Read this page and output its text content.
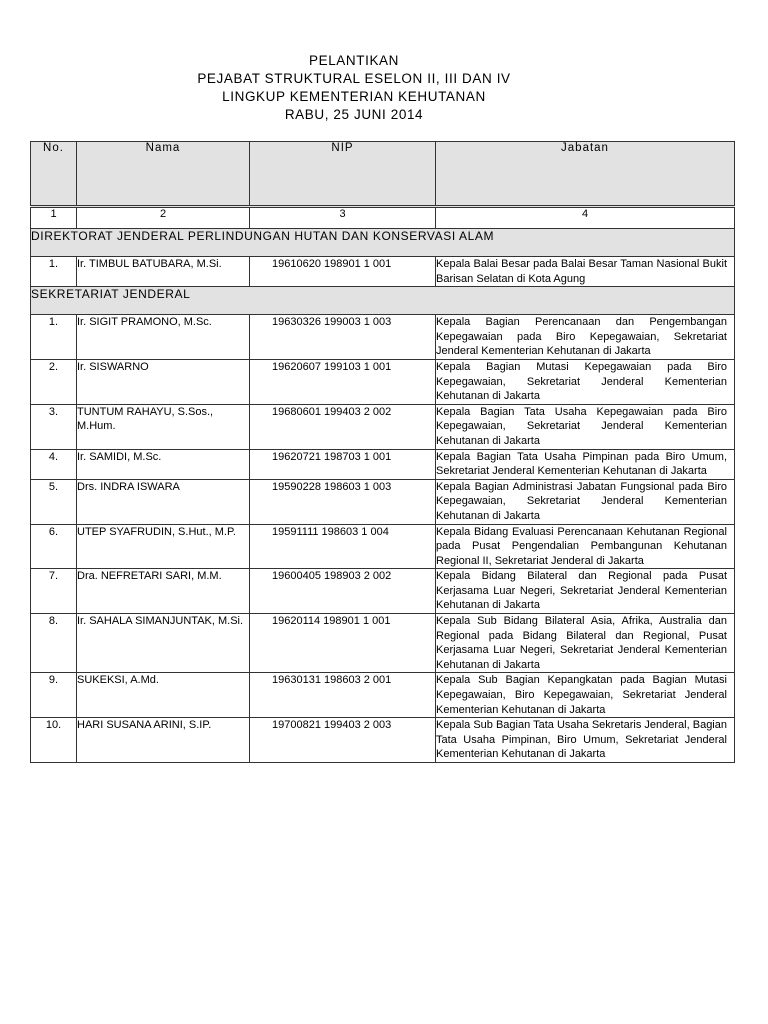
PELANTIKAN
PEJABAT STRUKTURAL ESELON II, III DAN IV
LINGKUP KEMENTERIAN KEHUTANAN
RABU, 25 JUNI 2014
No.	Nama	NIP	Jabatan
1	2	3	4
DIREKTORAT JENDERAL PERLINDUNGAN HUTAN DAN KONSERVASI ALAM			
1.	Ir. TIMBUL BATUBARA, M.Si.	19610620 198901 1 001	Kepala Balai Besar pada Balai Besar Taman Nasional Bukit Barisan Selatan di Kota Agung
SEKRETARIAT JENDERAL			
1.	Ir. SIGIT PRAMONO, M.Sc.	19630326 199003 1 003	Kepala Bagian Perencanaan dan Pengembangan Kepegawaian pada Biro Kepegawaian, Sekretariat Jenderal Kementerian Kehutanan di Jakarta
2.	Ir. SISWARNO	19620607 199103 1 001	Kepala Bagian Mutasi Kepegawaian pada Biro Kepegawaian, Sekretariat Jenderal Kementerian Kehutanan di Jakarta
3.	TUNTUM RAHAYU, S.Sos., M.Hum.	19680601 199403 2 002	Kepala Bagian Tata Usaha Kepegawaian pada Biro Kepegawaian, Sekretariat Jenderal Kementerian Kehutanan di Jakarta
4.	Ir. SAMIDI, M.Sc.	19620721 198703 1 001	Kepala Bagian Tata Usaha Pimpinan pada Biro Umum, Sekretariat Jenderal Kementerian Kehutanan di Jakarta
5.	Drs. INDRA ISWARA	19590228 198603 1 003	Kepala Bagian Administrasi Jabatan Fungsional pada Biro Kepegawaian, Sekretariat Jenderal Kementerian Kehutanan di Jakarta
6.	UTEP SYAFRUDIN, S.Hut., M.P.	19591111 198603 1 004	Kepala Bidang Evaluasi Perencanaan Kehutanan Regional pada Pusat Pengendalian Pembangunan Kehutanan Regional II, Sekretariat Jenderal di Jakarta
7.	Dra. NEFRETARI SARI, M.M.	19600405 198903 2 002	Kepala Bidang Bilateral dan Regional pada Pusat Kerjasama Luar Negeri, Sekretariat Jenderal Kementerian Kehutanan di Jakarta
8.	Ir. SAHALA SIMANJUNTAK, M.Si.	19620114 198901 1 001	Kepala Sub Bidang Bilateral Asia, Afrika, Australia dan Regional pada Bidang Bilateral dan Regional, Pusat Kerjasama Luar Negeri, Sekretariat Jenderal Kementerian Kehutanan di Jakarta
9.	SUKEKSI, A.Md.	19630131 198603 2 001	Kepala Sub Bagian Kepangkatan pada Bagian Mutasi Kepegawaian, Biro Kepegawaian, Sekretariat Jenderal Kementerian Kehutanan di Jakarta
10.	HARI SUSANA ARINI, S.IP.	19700821 199403 2 003	Kepala Sub Bagian Tata Usaha Sekretaris Jenderal, Bagian Tata Usaha Pimpinan, Biro Umum, Sekretariat Jenderal Kementerian Kehutanan di Jakarta
